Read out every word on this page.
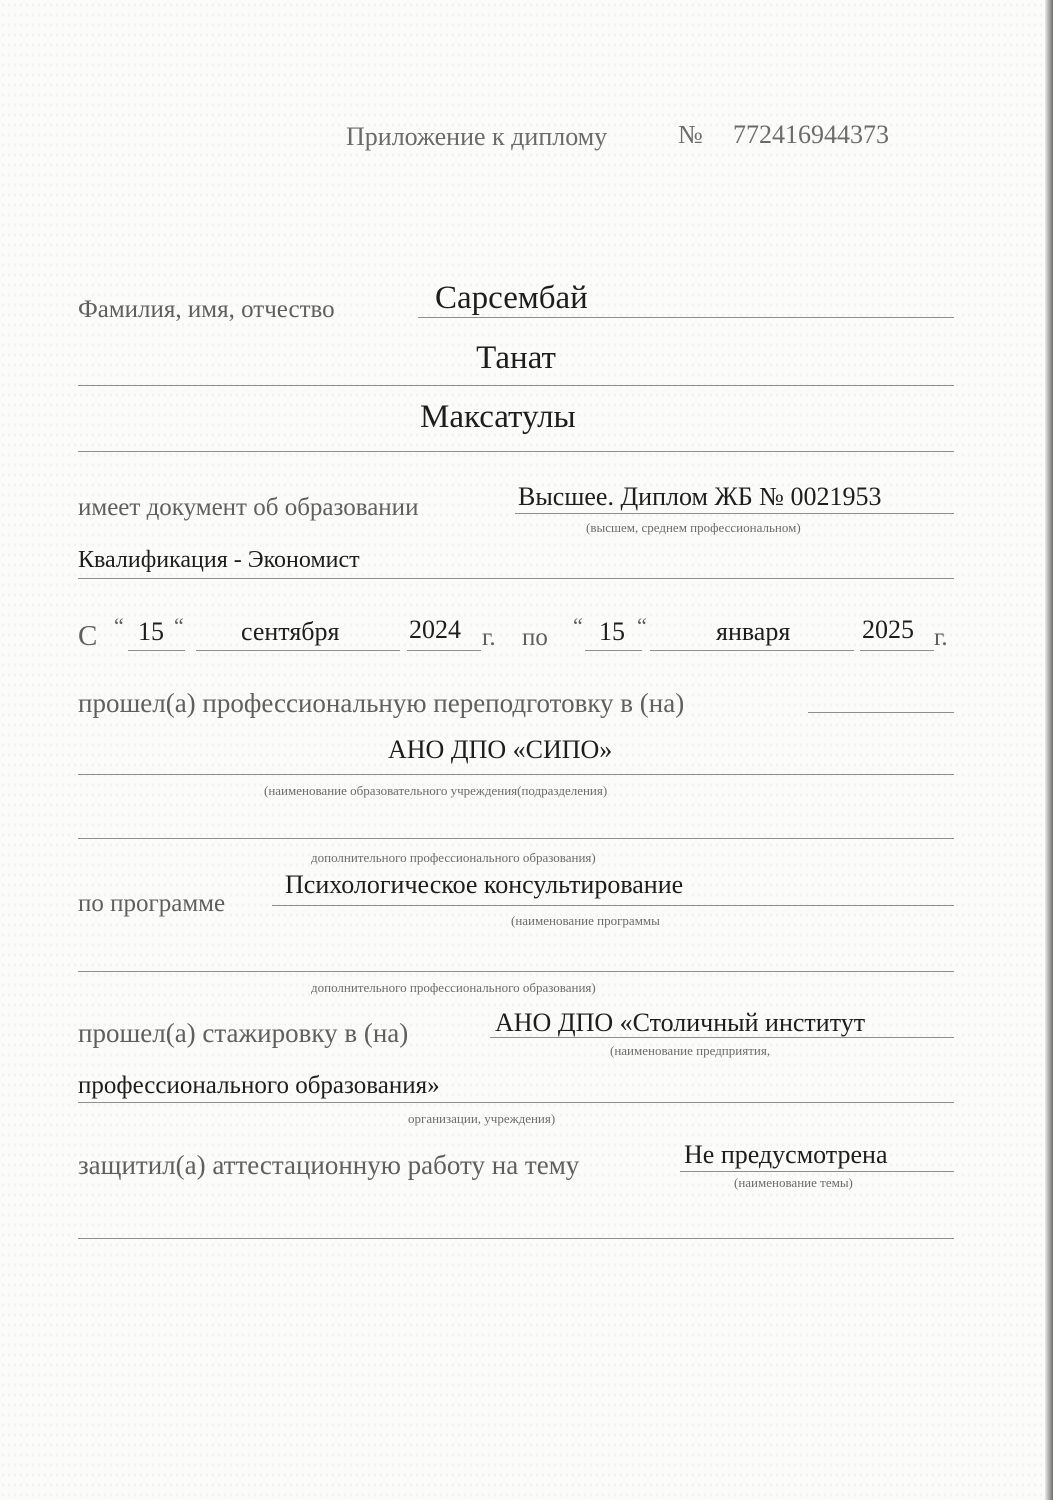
Приложение к диплому	№ 772416944373
Фамилия, имя, отчество	Сарсембай
Танат
Максатулы
имеет документ об образовании	Высшее. Диплом ЖБ № 0021953
(высшем, среднем профессиональном)
Квалификация - Экономист
С “ 15 “ сентября	2024 г. по “ 15 “	января	2025 г.
прошел(а) профессиональную переподготовку в (на)
АНО ДПО «СИПО»
(наименование образовательного учреждения(подразделения)
дополнительного профессионального образования)
по программе
Психологическое консультирование
(наименование программы
дополнительного профессионального образования)
прошел(а) стажировку в (на)	АНО ДПО «Столичный институт
(наименование предприятия,
профессионального образования»
организации, учреждения)
защитил(а) аттестационную работу на тему	Не предусмотрена
(наименование темы)
